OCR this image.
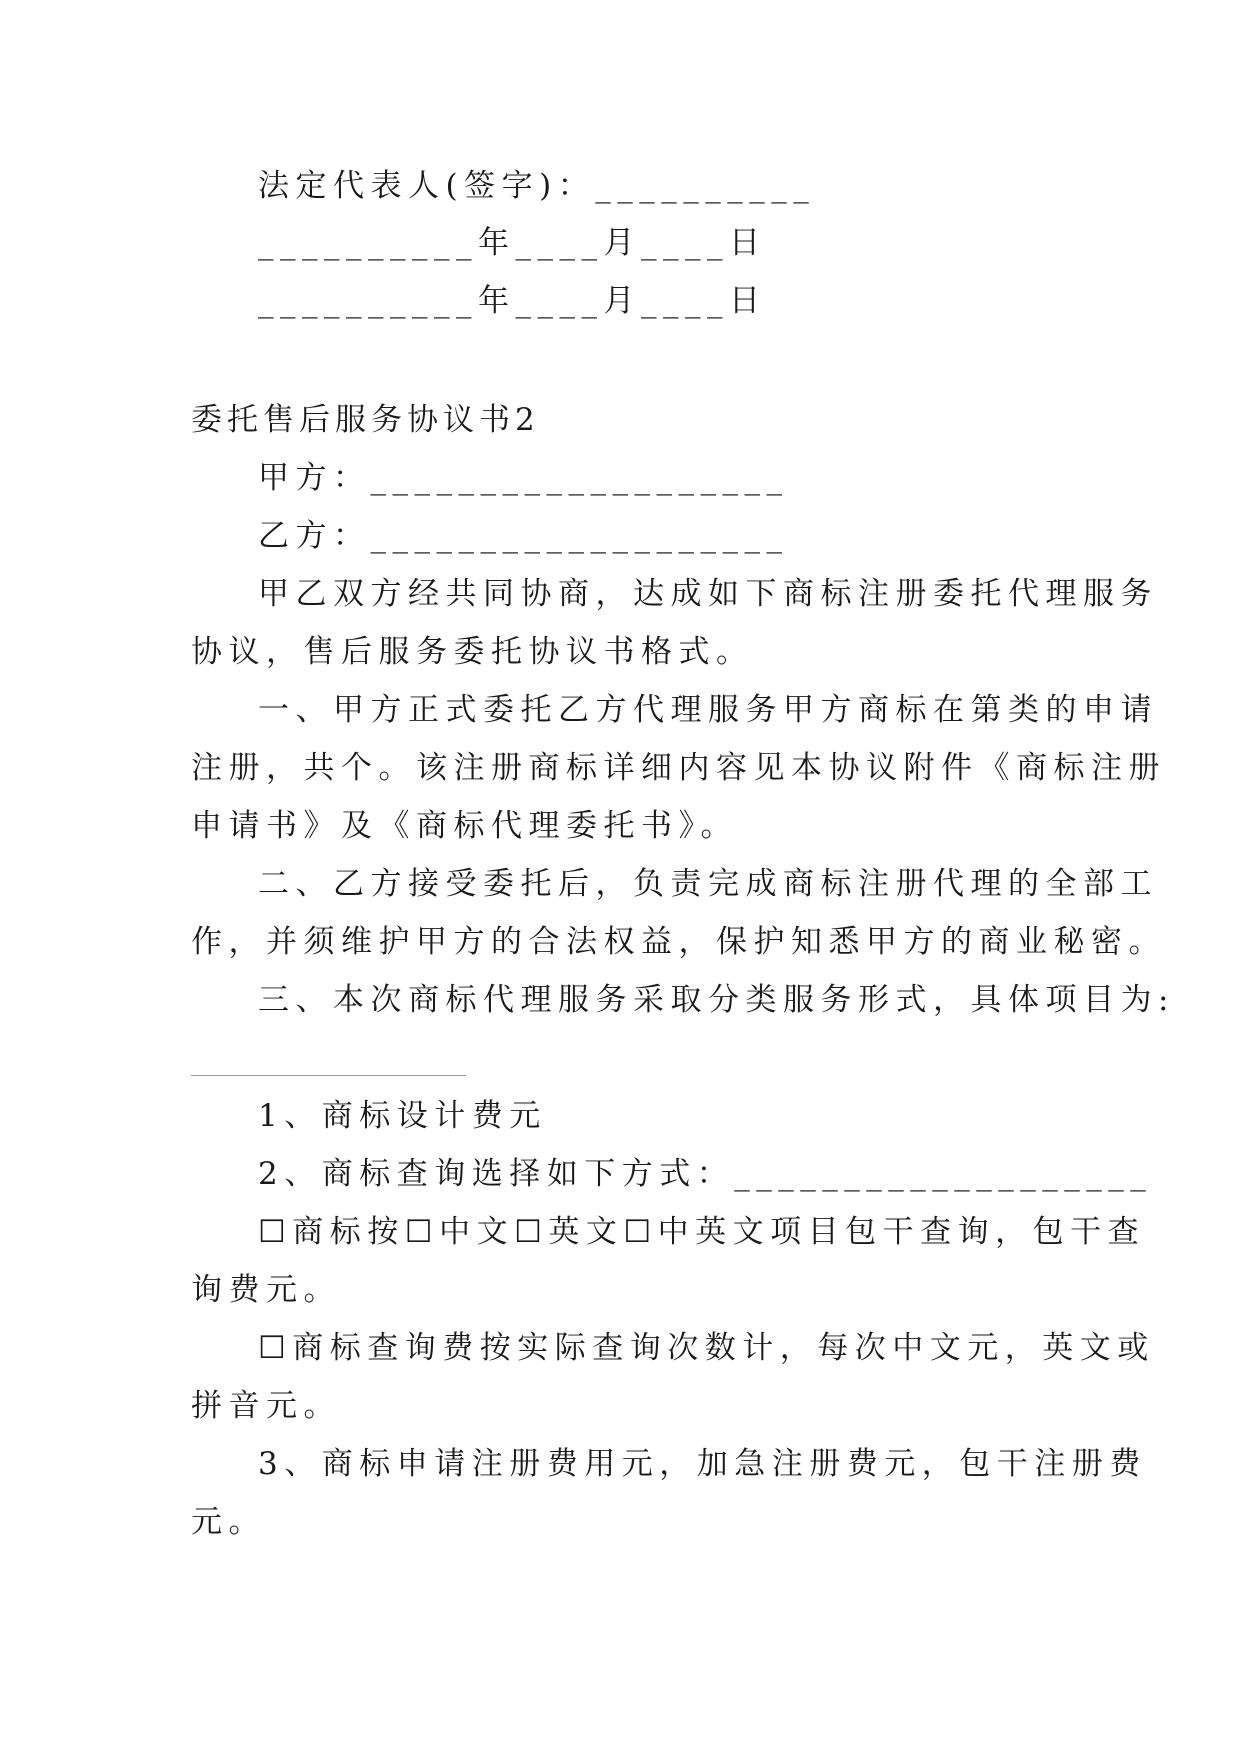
法定代表人(签字)：__________

__________年____月____日

__________年____月____日

委托售后服务协议书2

甲方：___________________

乙方：___________________

甲乙双方经共同协商，达成如下商标注册委托代理服务

协议，售后服务委托协议书格式。

一、甲方正式委托乙方代理服务甲方商标在第类的申请

注册，共个。该注册商标详细内容见本协议附件《商标注册

申请书》及《商标代理委托书》。

二、乙方接受委托后，负责完成商标注册代理的全部工

作，并须维护甲方的合法权益，保护知悉甲方的商业秘密。

三、本次商标代理服务采取分类服务形式，具体项目为:

1、商标设计费元

2、商标查询选择如下方式：___________________

☐商标按☐中文☐英文☐中英文项目包干查询，包干查

询费元。

☐商标查询费按实际查询次数计，每次中文元，英文或

拼音元。

3、商标申请注册费用元，加急注册费元，包干注册费

元。
